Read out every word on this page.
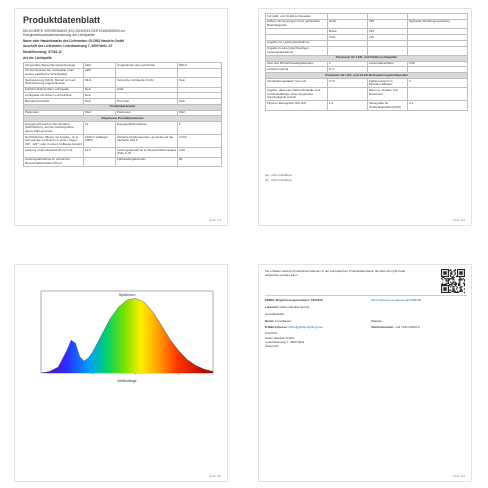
Produktdatenblatt
DELEGIERTE VERORDNUNG (EU) 2019/2015 DER KOMMISSION zur
Energieverbrauchskennzeichnung von Lichtquellen
Name oder Handelsmarke des Lieferanten: GLOBO Handels GmbH
Anschrift des Lieferanten: Lederbauerweg 7, 4600 Wels, AT
Modellkennung: 67334-12
Art der Lichtquelle
Verwendete Beleuchtungstechnologie	LED	Ungebündelt oder gebündelt	NDLS
Art des Sockels der Lichtquelle (oder andere elektrische Schnittstelle)	LED		
Netzspannung (MLS): Bezieh sich auf Netzspannung angeschlossen	MLS	Vernetzte Lichtquelle (CLS)	Nein
Farblich abstimmbare Lichtquelle	Nein	Hülle	
Lichtquelle mit hoher Leucht-dichte	Nein		
Blendschutzschild	Nein	Dimmbar	Nein
Produktparameter			
Parameter	Wert	Parameter	Wert
Allgemeine Produktparameter			
Energieverbrauch im Ein-Zustand (kWh/1000 h), auf die nächstgrößere ganze Zahl gerundet	13	Energieeffizienzklasse	F
Nutzlichtstrom (Φuse) mit Angabe, ob er sich auf den Lichtstrom in einem Kegel (90°, 120°) oder in einem Vollkegel bezieht	1300 in Vollkegel (360°)	Ähnliche Farbtemperatur, gerundet auf die nächsten 100 K	3 000
Leistung im Ein-Zustand (Pon) in W	12,5	Leistungsaufnahme im Bereitschaftszustand (Psb) in W	0,00
Leistungsaufnahme im vernetzten Bereitschaftszustand (Pnet)	-	Farbwiedergabeindex	80
Seite 1/4
Für LED- und OLED-Lichtquellen			
Äußere Abmessungen ohne gesonderte Betriebsgeräte	Höhe	295	Spektrale Strahlungsverteilung
	Breite	295	
	Tiefe	115	
Angabe zur Leistungsaufnahme			
Angabe zu einer gleichwertigen Leistungsaufnahme	-		
Parameter für LED- und OLED-Lichtquellen			
Wert des R9-Farbwiedergabeindex	1	Lebensdauerfaktor	0,90
Lichtstromerhalt	0,77		
Parameter für LED- und OLED-Netzspannungslichtquellen			
Verschiebungsfaktor (cos φ1)	0,73	Farbkonsistenz in McAdam-Ellipsen	3
Angabe, dass eine LED-Lichtquelle eine Leuchtstofflampe ohne integriertes Vorschaltgerät ersetzt	-	Wenn ja, Angabe zum Ersatzwert	-
Flimmer-Messgröße (Pst LM)	1,0	Messgröße für Stroboskopeffekt (SVM)	0,4
(a) - nicht zutreffend
(b) - nicht zutreffend
Seite 2/4
Spektrum
Wellenlänge
Seite 3/4
Sie erhalten weitere Produktinformationen in der europäischen Produktdatenbank, die über den QR-Code aufgerufen werden kann.
EPREL-Registrierungsnummer: 1306735	https://eprel.ec.europa.eu/qr/1306735
Lieferant: Globo Handels GmbH
Kontaktdetails:
Name: Luca Bacani
E-Mail-Adresse: office@globo-lighting.com
Anschrift:
Globo Handels GmbH
Lederbauerweg 7, 4600 Wels
Österreich
Website:
Telefonnummer: +43 7242 69040-0
Seite 4/4
